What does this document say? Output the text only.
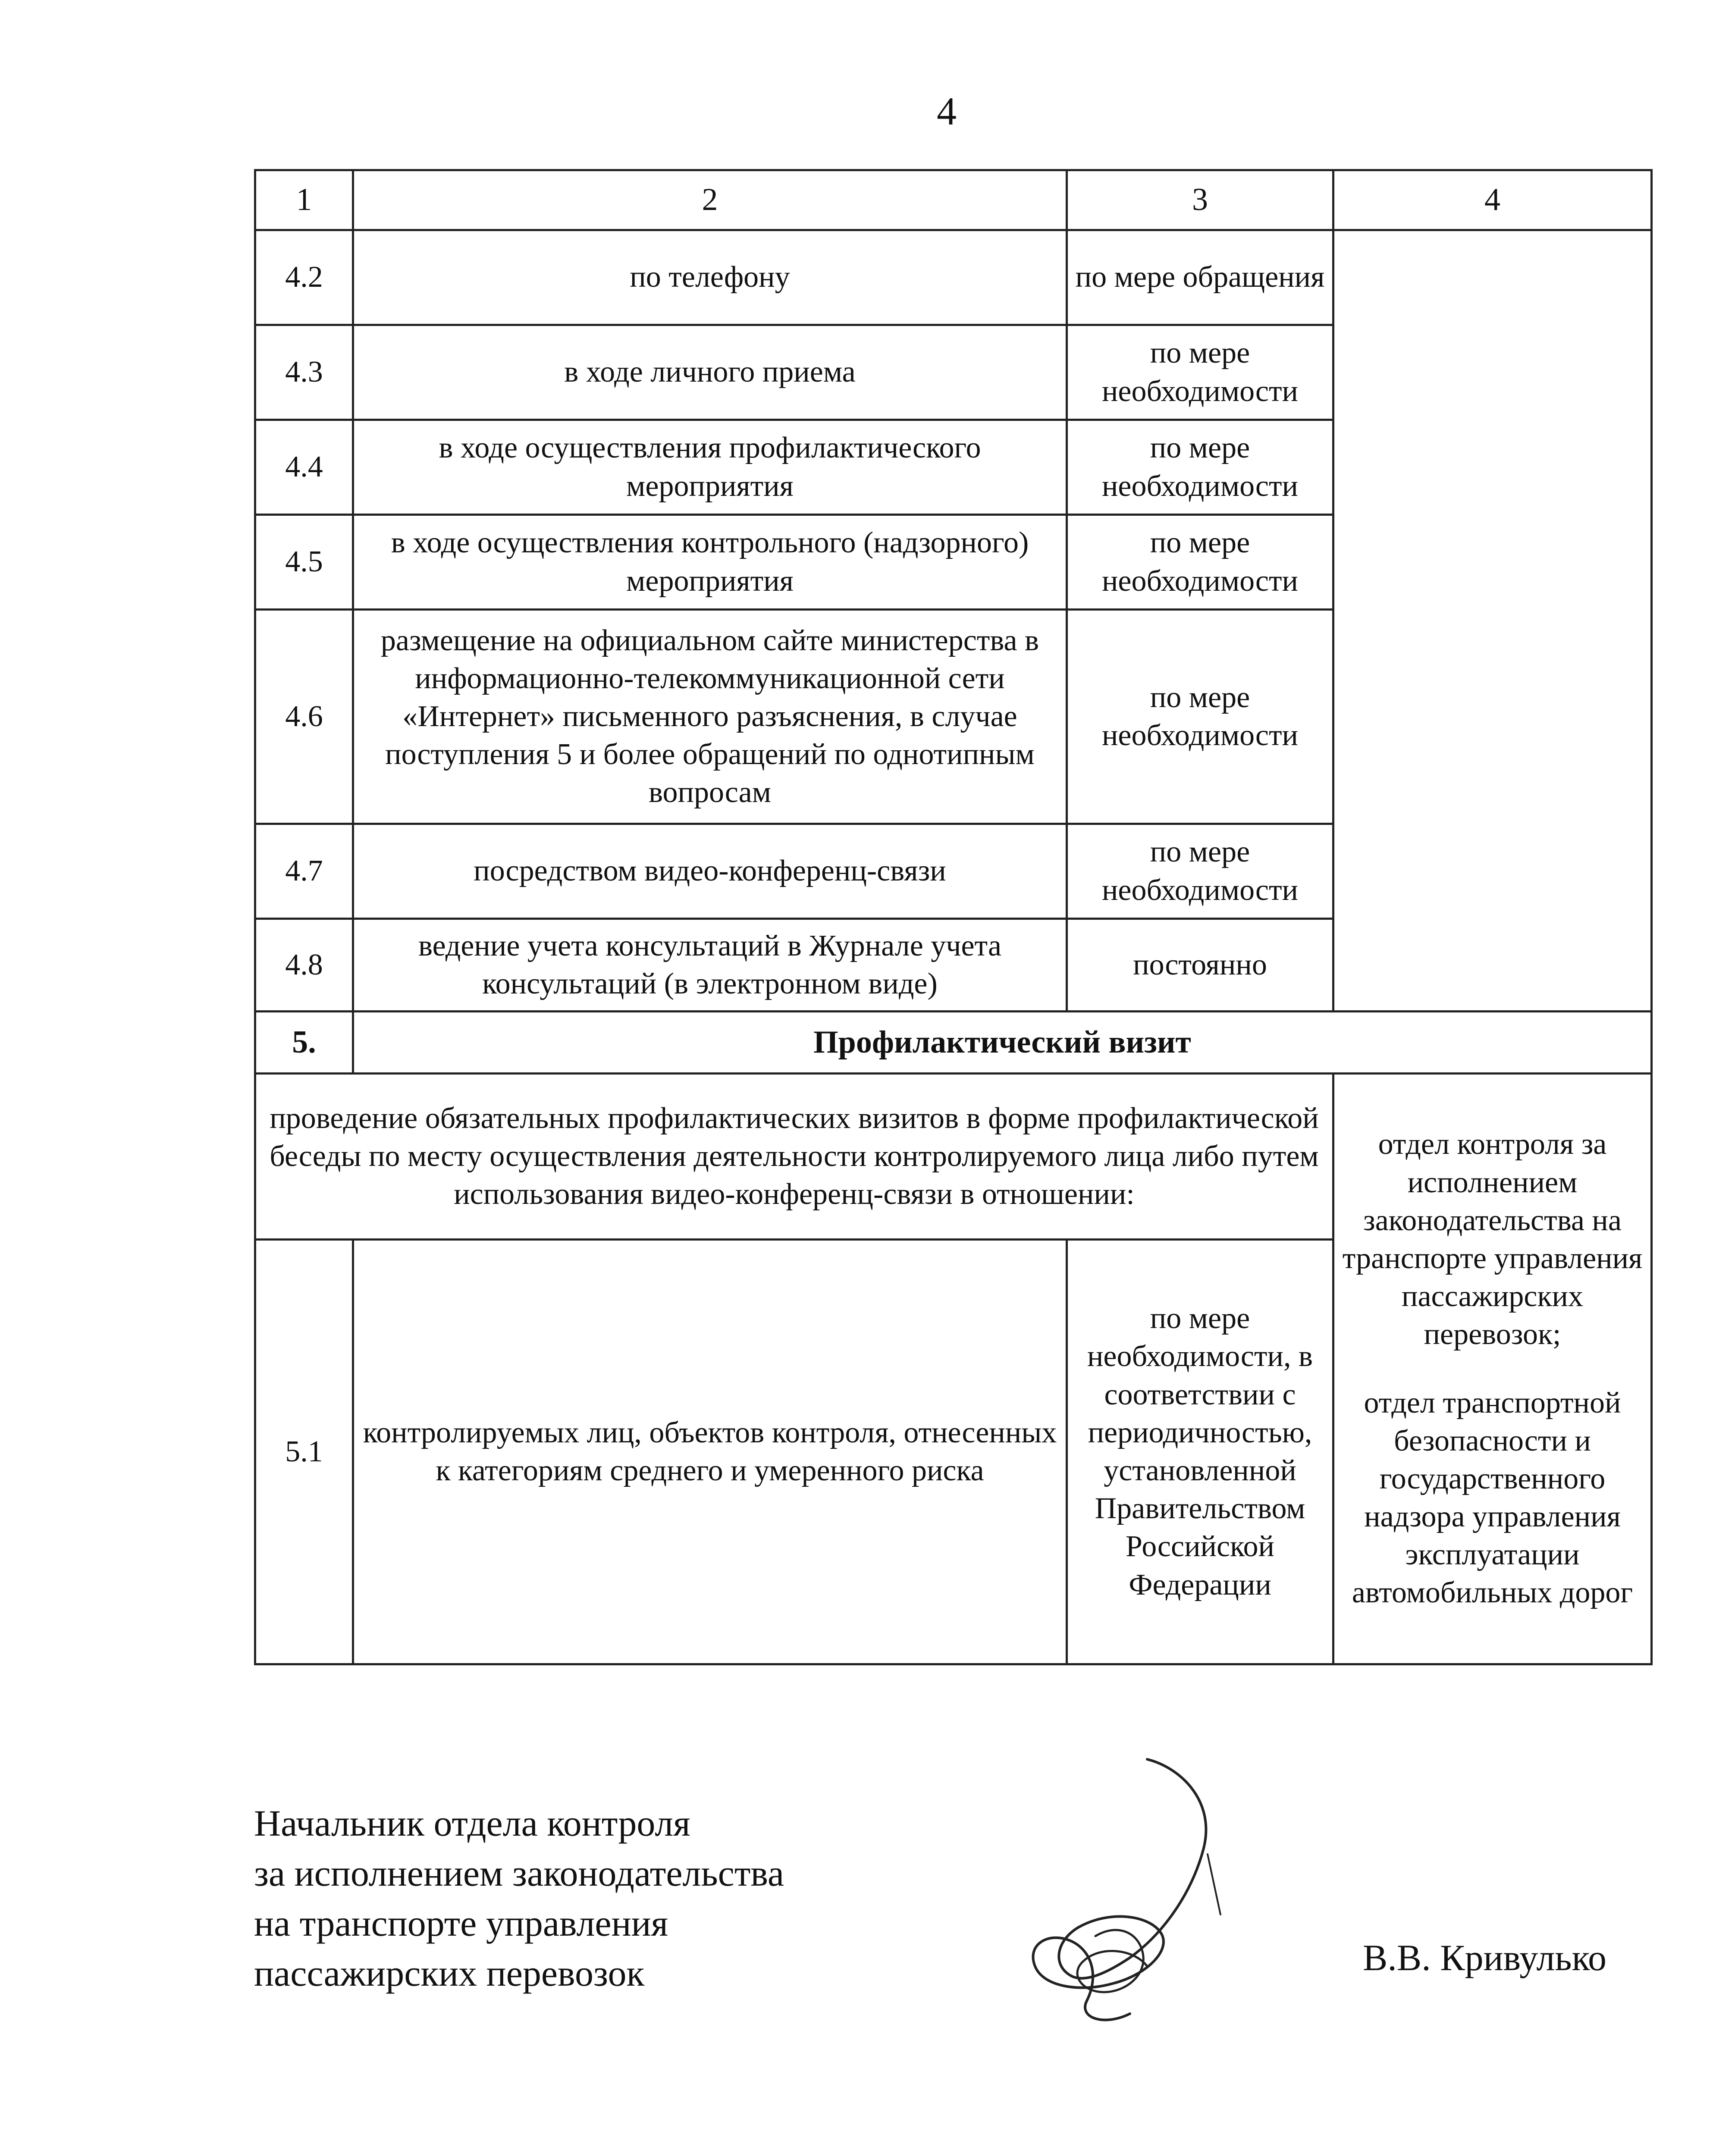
4
1	2	3	4
4.2	по телефону	по мере обращения	
4.3	в ходе личного приема	по мере необходимости	
4.4	в ходе осуществления профилактического мероприятия	по мере необходимости	
4.5	в ходе осуществления контрольного (надзорного) мероприятия	по мере необходимости	
4.6	размещение на официальном сайте министерства в информационно-телекоммуникационной сети «Интернет» письменного разъяснения, в случае поступления 5 и более обращений по однотипным вопросам	по мере необходимости	
4.7	посредством видео-конференц-связи	по мере необходимости	
4.8	ведение учета консультаций в Журнале учета консультаций (в электронном виде)	постоянно	
5.	Профилактический визит		
проведение обязательных профилактических визитов в форме профилактической беседы по месту осуществления деятельности контролируемого лица либо путем использования видео-конференц-связи в отношении:			отдел контроля за исполнением законодательства на транспорте управления пассажирских перевозок;
отдел транспортной безопасности и государственного надзора управления эксплуатации автомобильных дорог

5.1	контролируемых лиц, объектов контроля, отнесенных к категориям среднего и умеренного риска	по мере необходимости, в соответствии с периодичностью, установленной Правительством Российской Федерации	
Начальник отдела контроля
за исполнением законодательства
на транспорте управления
пассажирских перевозок	В.В. Кривулько
